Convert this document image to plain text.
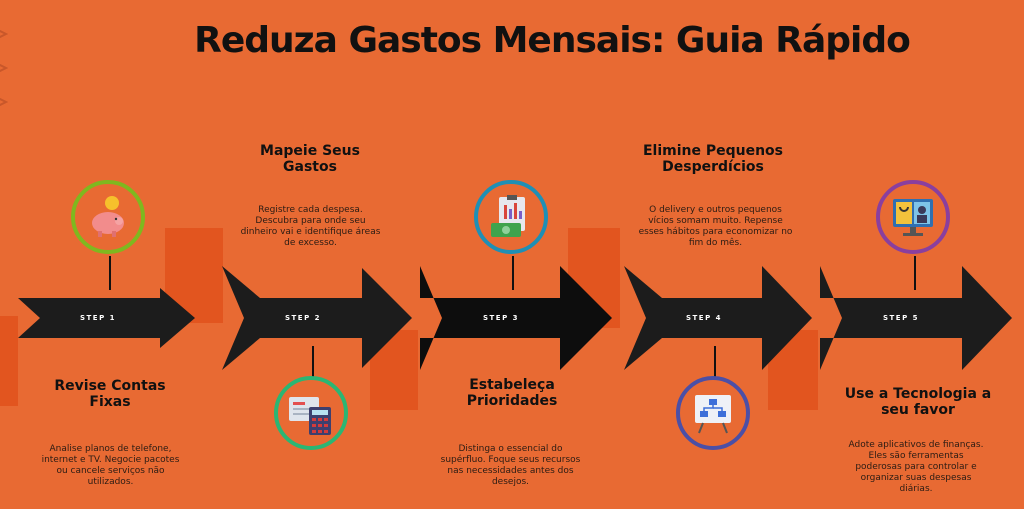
Reduza Gastos Mensais: Guia Rápido
STEP 1	STEP 2	STEP 3	STEP 4	STEP 5
Revise Contas Fixas
Analise planos de telefone, internet e TV. Negocie pacotes ou cancele serviços não utilizados.
Mapeie Seus Gastos
Registre cada despesa. Descubra para onde seu dinheiro vai e identifique áreas de excesso.
Estabeleça Prioridades
Distinga o essencial do supérfluo. Foque seus recursos nas necessidades antes dos desejos.
Elimine Pequenos Desperdícios
O delivery e outros pequenos vícios somam muito. Repense esses hábitos para economizar no fim do mês.
Use a Tecnologia a seu favor
Adote aplicativos de finanças. Eles são ferramentas poderosas para controlar e organizar suas despesas diárias.
